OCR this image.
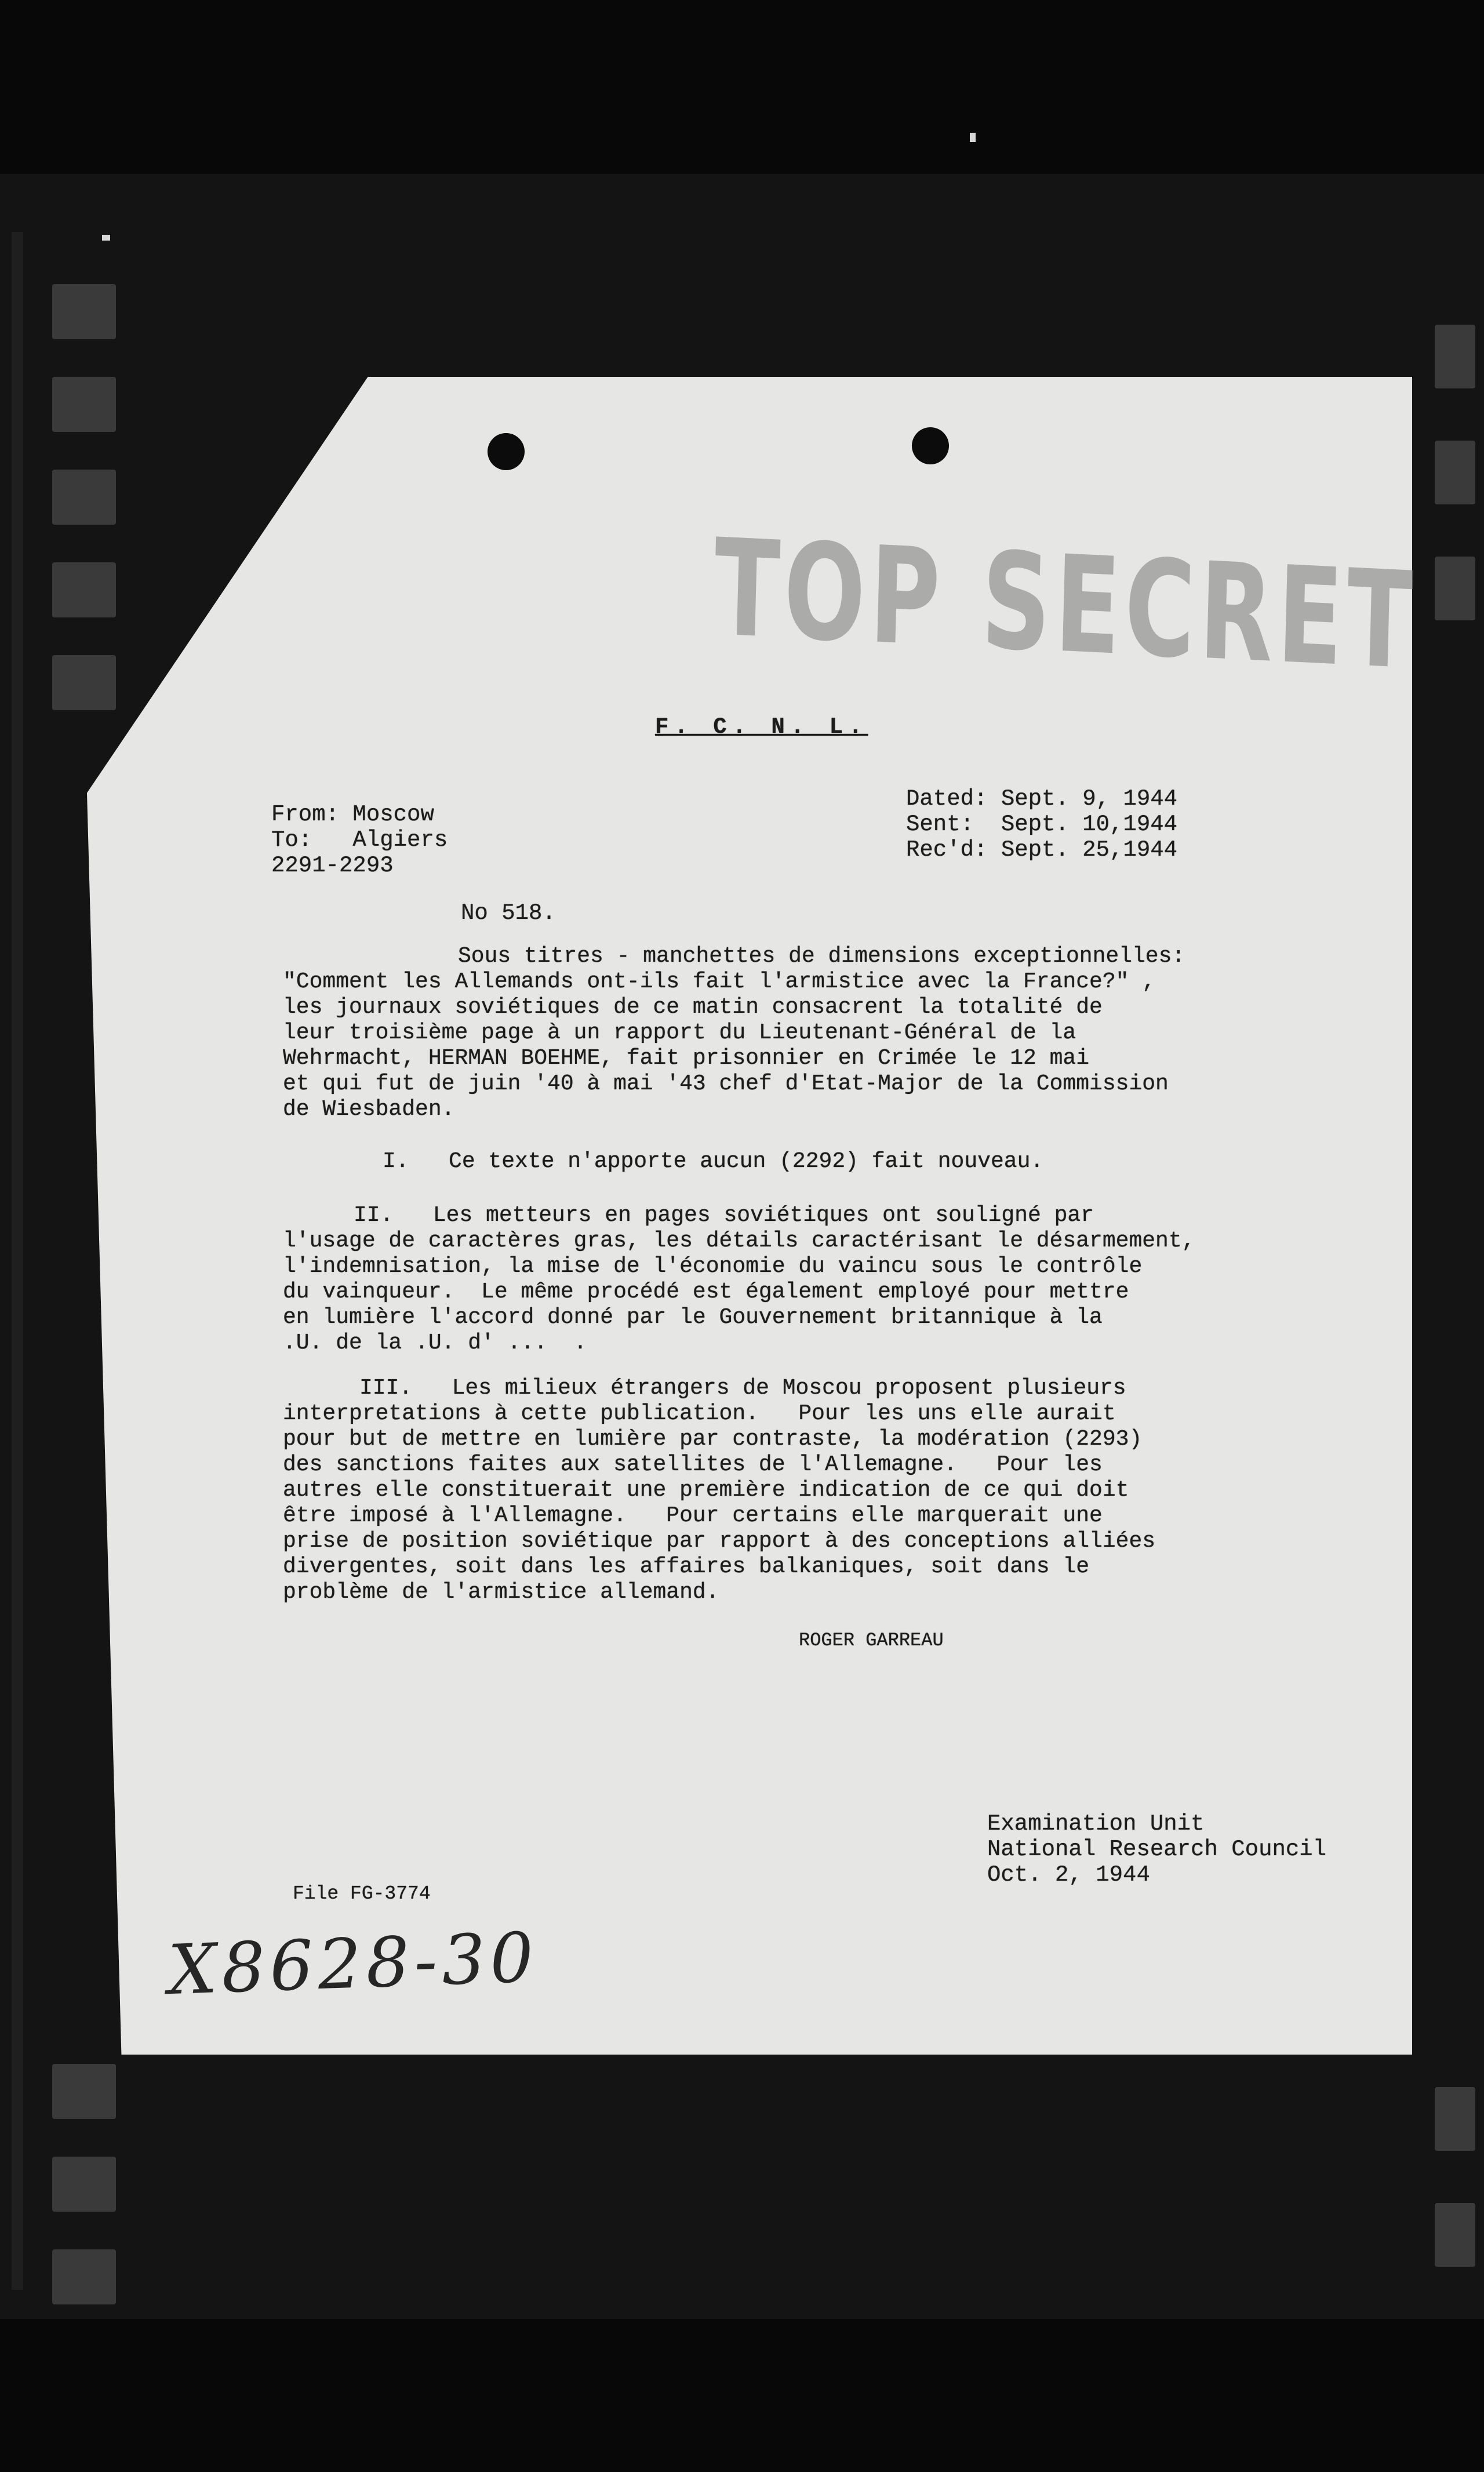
TOP SECRET
F. C. N. L.
From: Moscow
To:   Algiers
2291-2293
Dated: Sept. 9, 1944
Sent:  Sept. 10,1944
Rec'd: Sept. 25,1944
No 518.
Sous titres - manchettes de dimensions exceptionnelles:
"Comment les Allemands ont-ils fait l'armistice avec la France?" ,
les journaux soviétiques de ce matin consacrent la totalité de
leur troisième page à un rapport du Lieutenant-Général de la
Wehrmacht, HERMAN BOEHME, fait prisonnier en Crimée le 12 mai
et qui fut de juin '40 à mai '43 chef d'Etat-Major de la Commission
de Wiesbaden.
I.   Ce texte n'apporte aucun (2292) fait nouveau.
II.   Les metteurs en pages soviétiques ont souligné par
l'usage de caractères gras, les détails caractérisant le désarmement,
l'indemnisation, la mise de l'économie du vaincu sous le contrôle
du vainqueur.  Le même procédé est également employé pour mettre
en lumière l'accord donné par le Gouvernement britannique à la
.U. de la .U. d' ...  .
III.   Les milieux étrangers de Moscou proposent plusieurs
interpretations à cette publication.   Pour les uns elle aurait
pour but de mettre en lumière par contraste, la modération (2293)
des sanctions faites aux satellites de l'Allemagne.   Pour les
autres elle constituerait une première indication de ce qui doit
être imposé à l'Allemagne.   Pour certains elle marquerait une
prise de position soviétique par rapport à des conceptions alliées
divergentes, soit dans les affaires balkaniques, soit dans le
problème de l'armistice allemand.
ROGER GARREAU
Examination Unit
National Research Council
Oct. 2, 1944
File FG-3774
X8628-30
